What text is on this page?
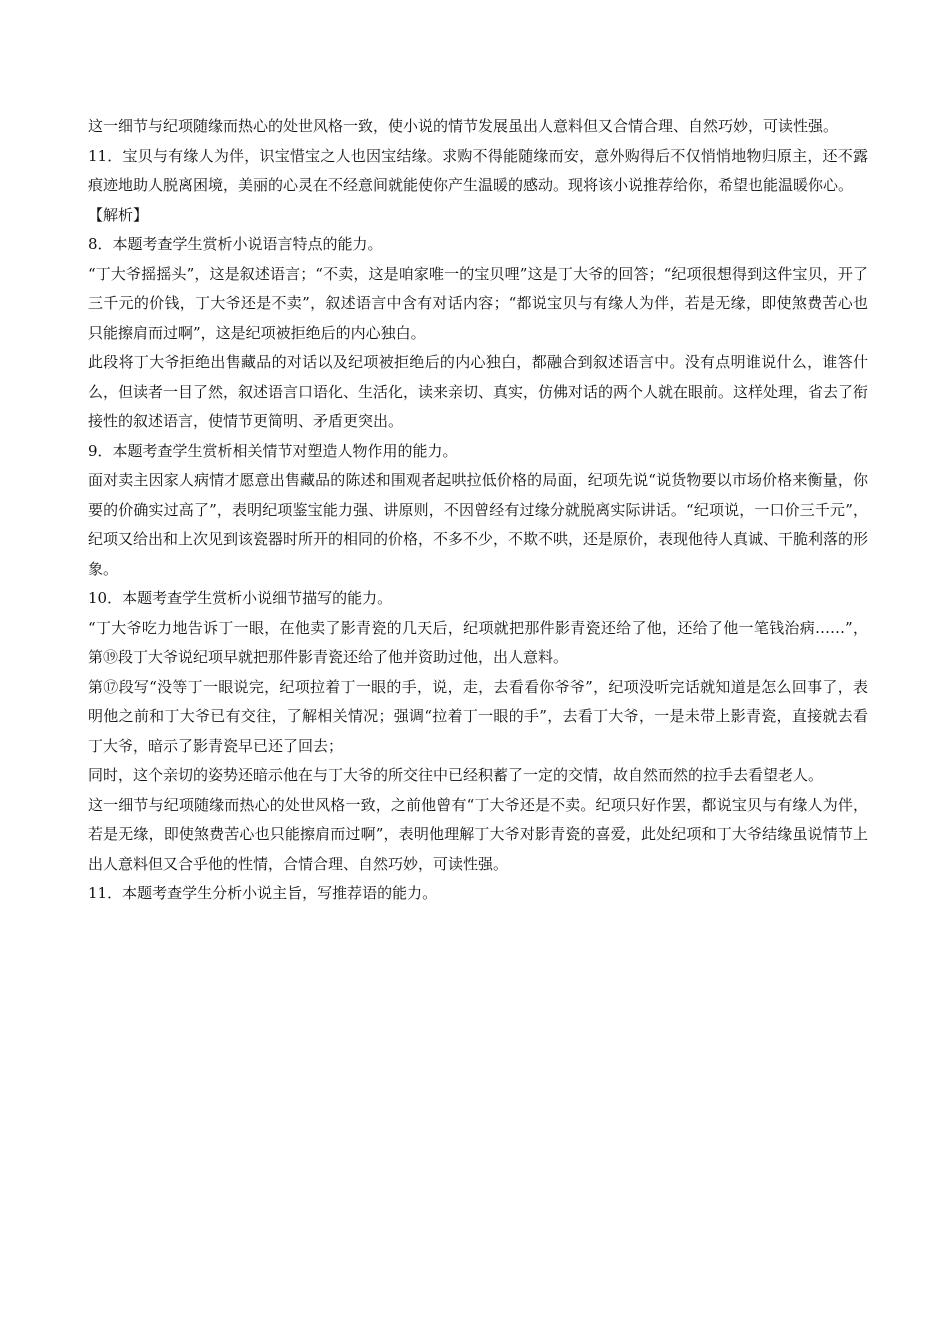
这一细节与纪项随缘而热心的处世风格一致，使小说的情节发展虽出人意料但又合情合理、自然巧妙，可读性强。

11．宝贝与有缘人为伴，识宝惜宝之人也因宝结缘。求购不得能随缘而安，意外购得后不仅悄悄地物归原主，还不露痕迹地助人脱离困境，美丽的心灵在不经意间就能使你产生温暖的感动。现将该小说推荐给你，希望也能温暖你心。

【解析】

8．本题考查学生赏析小说语言特点的能力。

“丁大爷摇摇头”，这是叙述语言；“不卖，这是咱家唯一的宝贝哩”这是丁大爷的回答；“纪项很想得到这件宝贝，开了三千元的价钱，丁大爷还是不卖”，叙述语言中含有对话内容；“都说宝贝与有缘人为伴，若是无缘，即使煞费苦心也只能擦肩而过啊”，这是纪项被拒绝后的内心独白。

此段将丁大爷拒绝出售藏品的对话以及纪项被拒绝后的内心独白，都融合到叙述语言中。没有点明谁说什么，谁答什么，但读者一目了然，叙述语言口语化、生活化，读来亲切、真实，仿佛对话的两个人就在眼前。这样处理，省去了衔接性的叙述语言，使情节更简明、矛盾更突出。

9．本题考查学生赏析相关情节对塑造人物作用的能力。

面对卖主因家人病情才愿意出售藏品的陈述和围观者起哄拉低价格的局面，纪项先说“说货物要以市场价格来衡量，你要的价确实过高了”，表明纪项鉴宝能力强、讲原则，不因曾经有过缘分就脱离实际讲话。“纪项说，一口价三千元”，纪项又给出和上次见到该瓷器时所开的相同的价格，不多不少，不欺不哄，还是原价，表现他待人真诚、干脆利落的形象。

10．本题考查学生赏析小说细节描写的能力。

“丁大爷吃力地告诉丁一眼，在他卖了影青瓷的几天后，纪项就把那件影青瓷还给了他，还给了他一笔钱治病……”，第⑲段丁大爷说纪项早就把那件影青瓷还给了他并资助过他，出人意料。

第⑰段写“没等丁一眼说完，纪项拉着丁一眼的手，说，走，去看看你爷爷”，纪项没听完话就知道是怎么回事了，表明他之前和丁大爷已有交往，了解相关情况；强调“拉着丁一眼的手”，去看丁大爷，一是未带上影青瓷，直接就去看丁大爷，暗示了影青瓷早已还了回去；

同时，这个亲切的姿势还暗示他在与丁大爷的所交往中已经积蓄了一定的交情，故自然而然的拉手去看望老人。

这一细节与纪项随缘而热心的处世风格一致，之前他曾有“丁大爷还是不卖。纪项只好作罢，都说宝贝与有缘人为伴，若是无缘，即使煞费苦心也只能擦肩而过啊”，表明他理解丁大爷对影青瓷的喜爱，此处纪项和丁大爷结缘虽说情节上出人意料但又合乎他的性情，合情合理、自然巧妙，可读性强。

11．本题考查学生分析小说主旨，写推荐语的能力。
